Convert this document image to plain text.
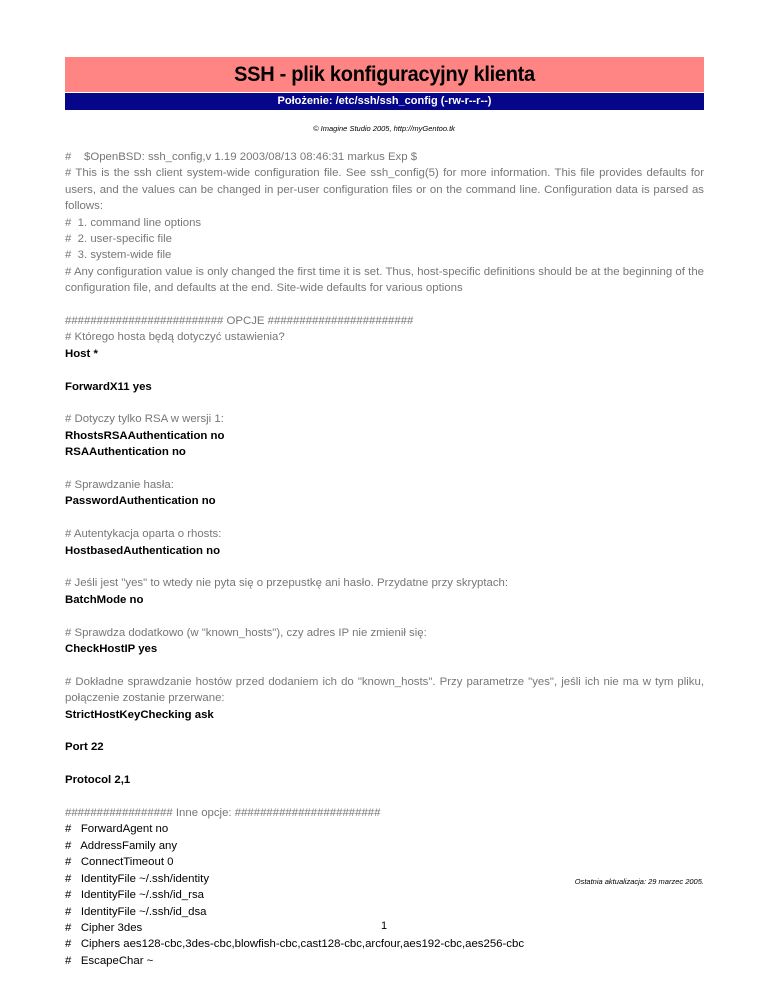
SSH - plik konfiguracyjny klienta
Położenie: /etc/ssh/ssh_config (-rw-r--r--)
© Imagine Studio 2005, http://myGentoo.tk

#    $OpenBSD: ssh_config,v 1.19 2003/08/13 08:46:31 markus Exp $

# This is the ssh client system-wide configuration file. See ssh_config(5) for more information. This file provides defaults for users, and the values can be changed in per-user configuration files or on the command line. Configuration data is parsed as follows:

#  1. command line options

#  2. user-specific file

#  3. system-wide file

# Any configuration value is only changed the first time it is set. Thus, host-specific definitions should be at the beginning of the configuration file, and defaults at the end. Site-wide defaults for various options

######################### OPCJE #######################

# Którego hosta będą dotyczyć ustawienia?

Host *

ForwardX11 yes

# Dotyczy tylko RSA w wersji 1:

RhostsRSAAuthentication no

RSAAuthentication no

# Sprawdzanie hasła:

PasswordAuthentication no

# Autentykacja oparta o rhosts:

HostbasedAuthentication no

# Jeśli jest "yes" to wtedy nie pyta się o przepustkę ani hasło. Przydatne przy skryptach:

BatchMode no

# Sprawdza dodatkowo (w "known_hosts"), czy adres IP nie zmienił się:

CheckHostIP yes

# Dokładne sprawdzanie hostów przed dodaniem ich do "known_hosts". Przy parametrze "yes", jeśli ich nie ma w tym pliku, połączenie zostanie przerwane:

StrictHostKeyChecking ask

Port 22

Protocol 2,1

################# Inne opcje: #######################

#   ForwardAgent no

#   AddressFamily any

#   ConnectTimeout 0

#   IdentityFile ~/.ssh/identity

#   IdentityFile ~/.ssh/id_rsa

#   IdentityFile ~/.ssh/id_dsa

#   Cipher 3des

#   Ciphers aes128-cbc,3des-cbc,blowfish-cbc,cast128-cbc,arcfour,aes192-cbc,aes256-cbc

#   EscapeChar ~

Ostatnia aktualizacja: 29 marzec 2005.
1
